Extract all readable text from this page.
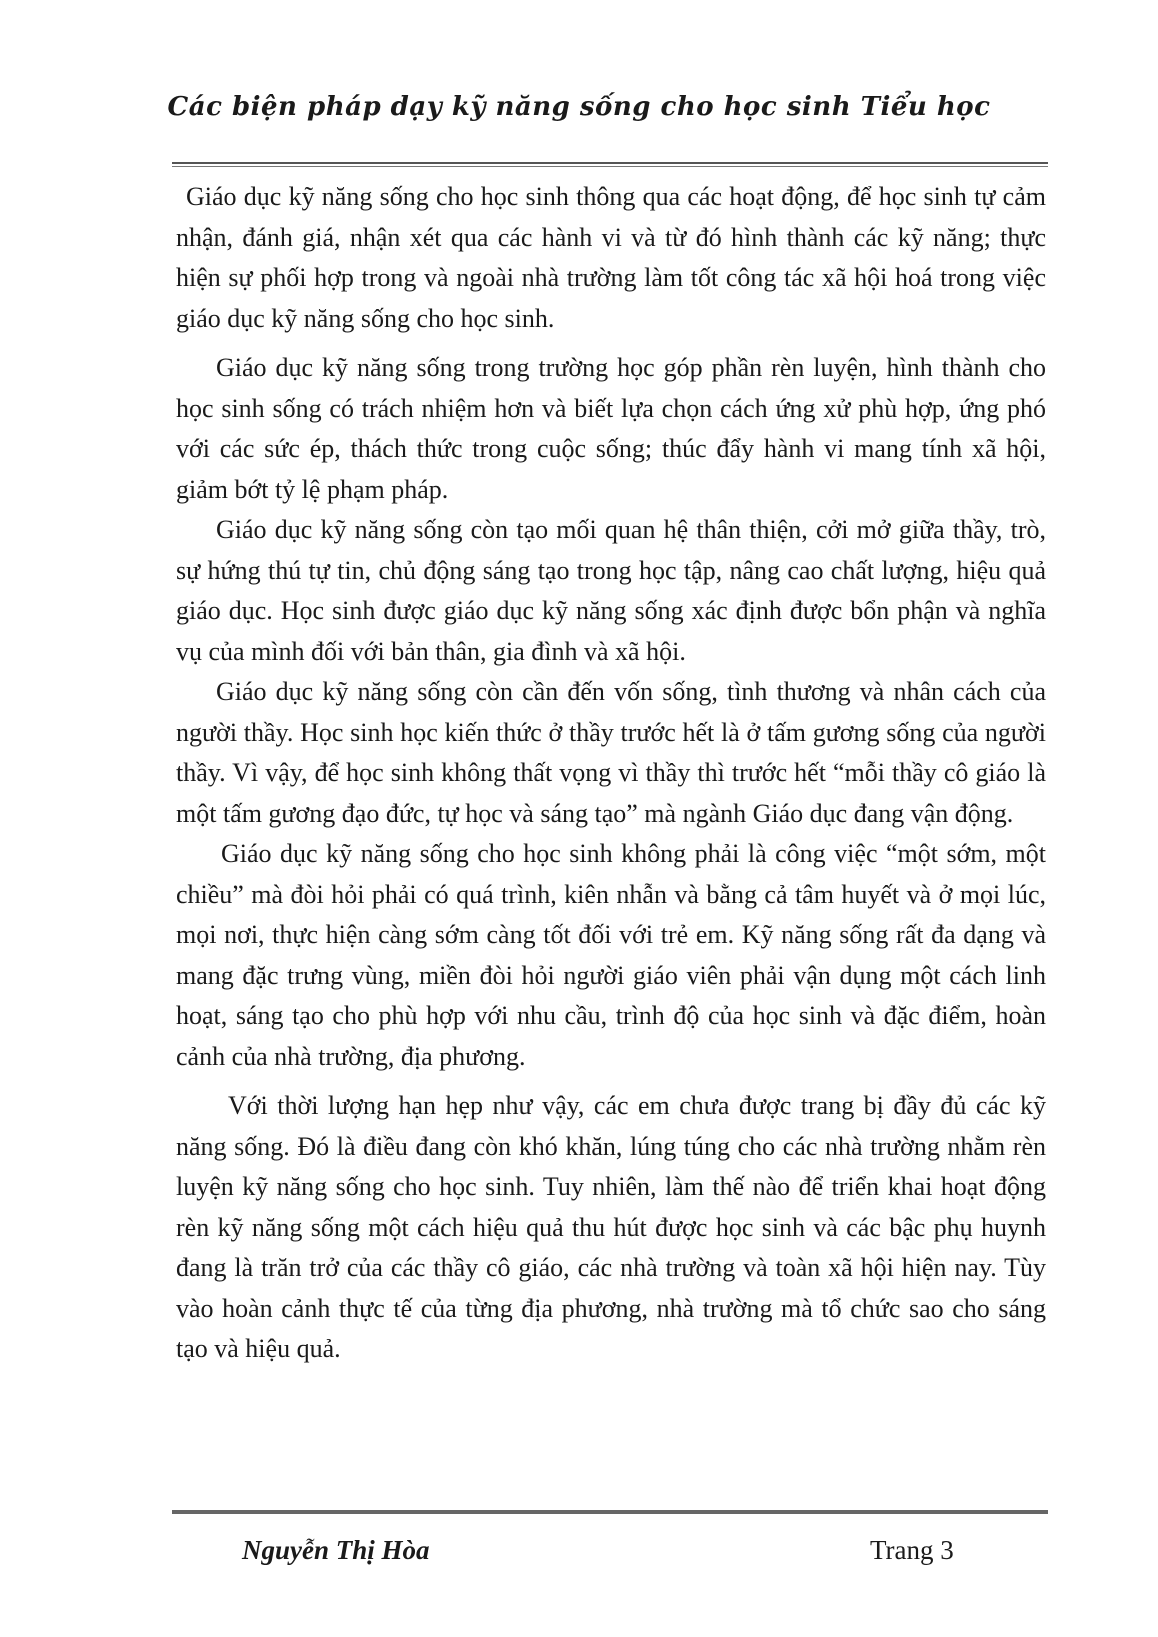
Các biện pháp dạy kỹ năng sống cho học sinh Tiểu học

Giáo dục kỹ năng sống cho học sinh thông qua các hoạt động, để học sinh tự cảm nhận, đánh giá, nhận xét qua các hành vi và từ đó hình thành các kỹ năng; thực hiện sự phối hợp trong và ngoài nhà trường làm tốt công tác xã hội hoá trong việc giáo dục kỹ năng sống cho học sinh.

Giáo dục kỹ năng sống trong trường học góp phần rèn luyện, hình thành cho học sinh sống có trách nhiệm hơn và biết lựa chọn cách ứng xử phù hợp, ứng phó với các sức ép, thách thức trong cuộc sống; thúc đẩy hành vi mang tính xã hội, giảm bớt tỷ lệ phạm pháp.

Giáo dục kỹ năng sống còn tạo mối quan hệ thân thiện, cởi mở giữa thầy, trò, sự hứng thú tự tin, chủ động sáng tạo trong học tập, nâng cao chất lượng, hiệu quả giáo dục. Học sinh được giáo dục kỹ năng sống xác định được bổn phận và nghĩa vụ của mình đối với bản thân, gia đình và xã hội.

Giáo dục kỹ năng sống còn cần đến vốn sống, tình thương và nhân cách của người thầy. Học sinh học kiến thức ở thầy trước hết là ở tấm gương sống của người thầy. Vì vậy, để học sinh không thất vọng vì thầy thì trước hết “mỗi thầy cô giáo là một tấm gương đạo đức, tự học và sáng tạo” mà ngành Giáo dục đang vận động.

Giáo dục kỹ năng sống cho học sinh không phải là công việc “một sớm, một chiều” mà đòi hỏi phải có quá trình, kiên nhẫn và bằng cả tâm huyết và ở mọi lúc, mọi nơi, thực hiện càng sớm càng tốt đối với trẻ em. Kỹ năng sống rất đa dạng và mang đặc trưng vùng, miền đòi hỏi người giáo viên phải vận dụng một cách linh hoạt, sáng tạo cho phù hợp với nhu cầu, trình độ của học sinh và đặc điểm, hoàn cảnh của nhà trường, địa phương.

Với thời lượng hạn hẹp như vậy, các em chưa được trang bị đầy đủ các kỹ năng sống. Đó là điều đang còn khó khăn, lúng túng cho các nhà trường nhằm rèn luyện kỹ năng sống cho học sinh. Tuy nhiên, làm thế nào để triển khai hoạt động rèn kỹ năng sống một cách hiệu quả thu hút được học sinh và các bậc phụ huynh đang là trăn trở của các thầy cô giáo, các nhà trường và toàn xã hội hiện nay. Tùy vào hoàn cảnh thực tế của từng địa phương, nhà trường mà tổ chức sao cho sáng tạo và hiệu quả.

Nguyễn Thị Hòa	Trang 3
